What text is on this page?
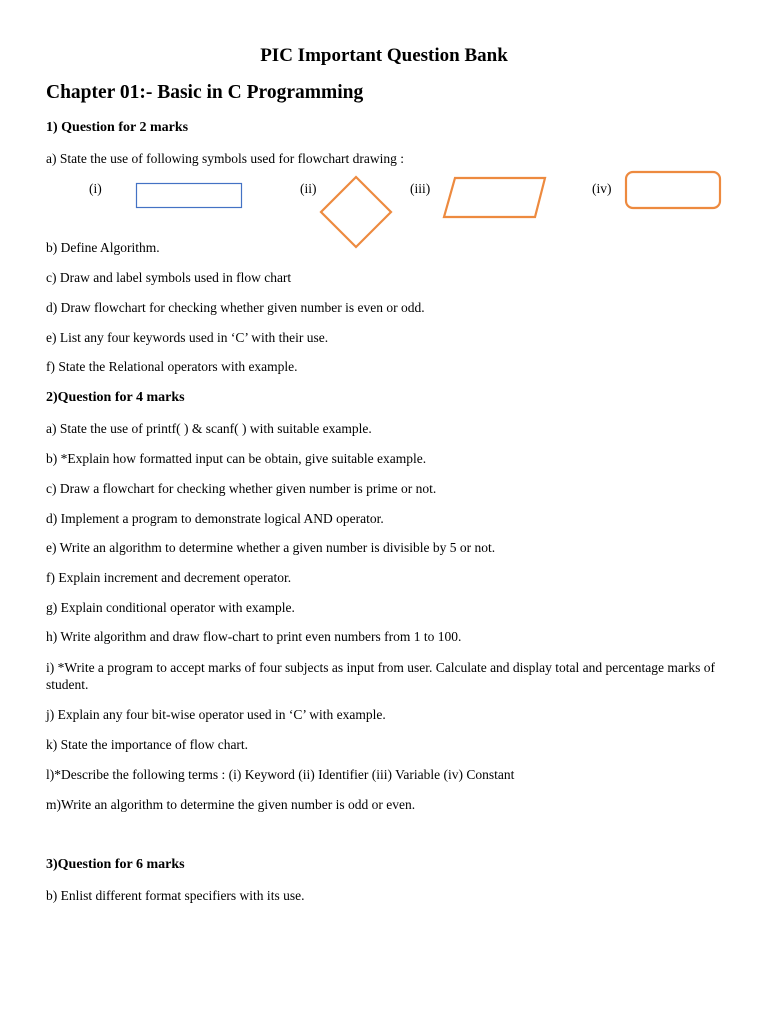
PIC Important Question Bank
Chapter 01:- Basic in C Programming
1) Question for 2 marks
a) State the use of following symbols used for flowchart drawing :
(i)	(ii)	(iii)	(iv)
b) Define Algorithm.
c) Draw and label symbols used in flow chart
d) Draw flowchart for checking whether given number is even or odd.
e) List any four keywords used in ‘C’ with their use.
f) State the Relational operators with example.
2)Question for 4 marks
a) State the use of printf( ) & scanf( ) with suitable example.
b) *Explain how formatted input can be obtain, give suitable example.
c) Draw a flowchart for checking whether given number is prime or not.
d) Implement a program to demonstrate logical AND operator.
e) Write an algorithm to determine whether a given number is divisible by 5 or not.
f) Explain increment and decrement operator.
g) Explain conditional operator with example.
h) Write algorithm and draw flow-chart to print even numbers from 1 to 100.
i) *Write a program to accept marks of four subjects as input from user. Calculate and display total and percentage marks of student.
j) Explain any four bit-wise operator used in ‘C’ with example.
k) State the importance of flow chart.
l)*Describe the following terms : (i) Keyword (ii) Identifier (iii) Variable (iv) Constant
m)Write an algorithm to determine the given number is odd or even.
3)Question for 6 marks
b) Enlist different format specifiers with its use.
